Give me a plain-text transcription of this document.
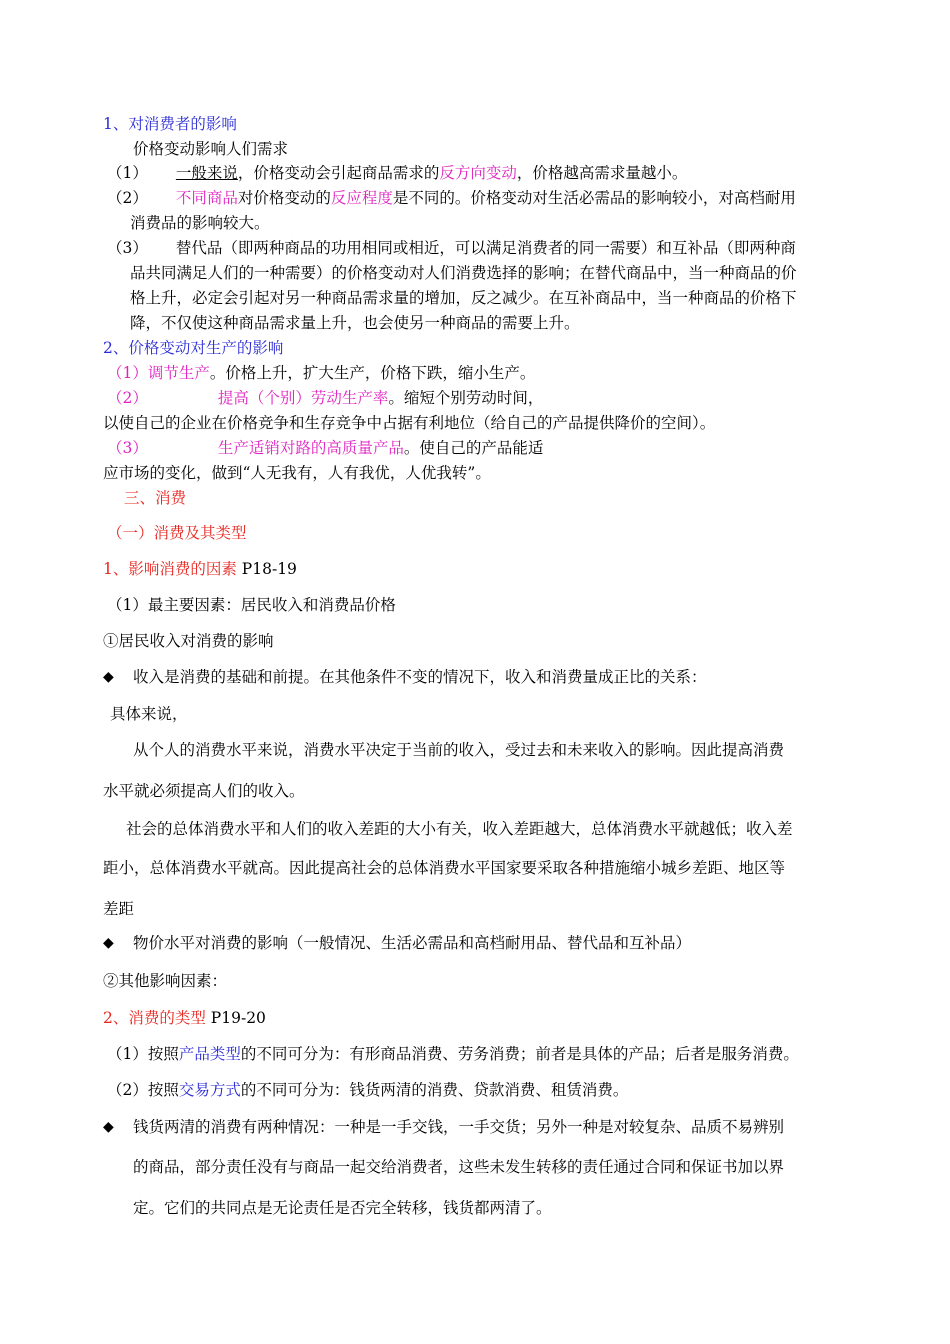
1、对消费者的影响
价格变动影响人们需求
（1） 一般来说，价格变动会引起商品需求的反方向变动，价格越高需求量越小。
（2） 不同商品对价格变动的反应程度是不同的。价格变动对生活必需品的影响较小，对高档耐用
消费品的影响较大。
（3） 替代品（即两种商品的功用相同或相近，可以满足消费者的同一需要）和互补品（即两种商
品共同满足人们的一种需要）的价格变动对人们消费选择的影响；在替代商品中，当一种商品的价
格上升，必定会引起对另一种商品需求量的增加，反之减少。在互补商品中，当一种商品的价格下
降，不仅使这种商品需求量上升，也会使另一种商品的需要上升。
2、价格变动对生产的影响
（1）调节生产。价格上升，扩大生产，价格下跌，缩小生产。
（2）	提高（个别）劳动生产率。缩短个别劳动时间，
以使自己的企业在价格竞争和生存竞争中占据有利地位（给自己的产品提供降价的空间）。
（3）	生产适销对路的高质量产品。使自己的产品能适
应市场的变化，做到“人无我有，人有我优，人优我转”。
三、消费
（一）消费及其类型
1、影响消费的因素 P18-19
（1）最主要因素：居民收入和消费品价格
①居民收入对消费的影响
◆ 收入是消费的基础和前提。在其他条件不变的情况下，收入和消费量成正比的关系：
具体来说，
从个人的消费水平来说，消费水平决定于当前的收入，受过去和未来收入的影响。因此提高消费
水平就必须提高人们的收入。
社会的总体消费水平和人们的收入差距的大小有关，收入差距越大，总体消费水平就越低；收入差
距小，总体消费水平就高。因此提高社会的总体消费水平国家要采取各种措施缩小城乡差距、地区等
差距
◆ 物价水平对消费的影响（一般情况、生活必需品和高档耐用品、替代品和互补品）
②其他影响因素：
2、消费的类型 P19-20
（1）按照产品类型的不同可分为：有形商品消费、劳务消费；前者是具体的产品；后者是服务消费。
（2）按照交易方式的不同可分为：钱货两清的消费、贷款消费、租赁消费。
◆ 钱货两清的消费有两种情况：一种是一手交钱，一手交货；另外一种是对较复杂、品质不易辨别
的商品，部分责任没有与商品一起交给消费者，这些未发生转移的责任通过合同和保证书加以界
定。它们的共同点是无论责任是否完全转移，钱货都两清了。
